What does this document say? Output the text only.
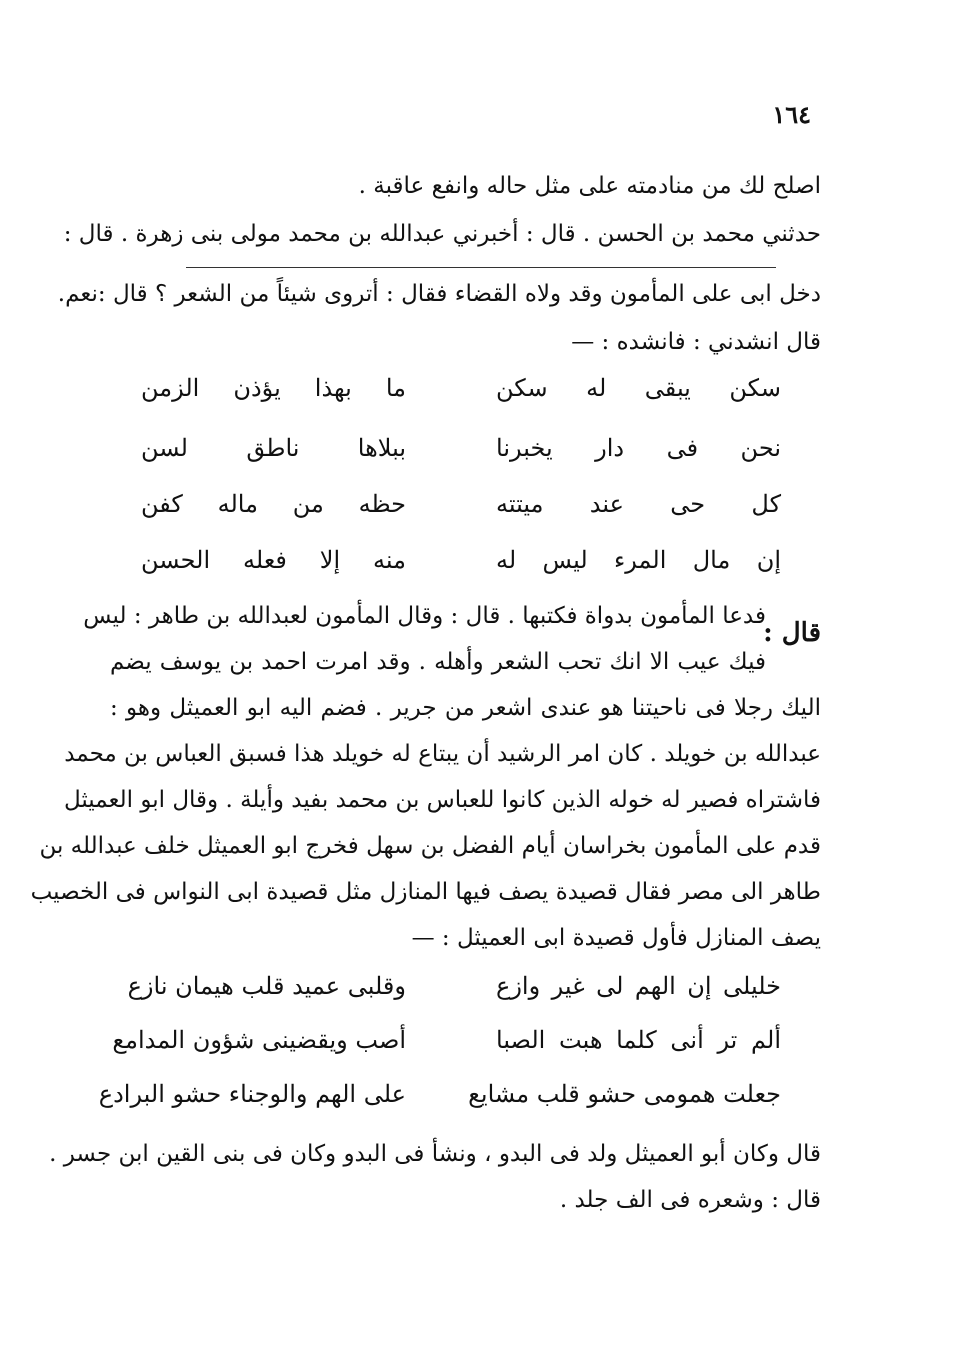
١٦٤
اصلح لك من منادمته على مثل حاله وانفع عاقبة .
حدثني محمد بن الحسن . قال : أخبرني عبدالله بن محمد مولى بنى زهرة . قال :
دخل ابى على المأمون وقد ولاه القضاء فقال : أتروى شيئاً من الشعر ؟ قال :نعم.
قال انشدني : فانشده : —
سكن يبقى له سكن
ما بهذا يؤذن الزمن
نحن فى دار يخبرنا
ببلاها ناطق لسن
كل حى عند ميتته
حظه من ماله كفن
إن مال المرء ليس له
منه إلا فعله الحسن
قال :
فدعا المأمون بدواة فكتبها . قال : وقال المأمون لعبدالله بن طاهر : ليس
فيك عيب الا انك تحب الشعر وأهله . وقد امرت احمد بن يوسف يضم
اليك رجلا فى ناحيتنا هو عندى اشعر من جرير . فضم اليه ابو العميثل وهو :
عبدالله بن خويلد . كان امر الرشيد أن يبتاع له خويلد هذا فسبق العباس بن محمد
فاشتراه فصير له خوله الذين كانوا للعباس بن محمد بفيد وأيلة . وقال ابو العميثل
قدم على المأمون بخراسان أيام الفضل بن سهل فخرج ابو العميثل خلف عبدالله بن
طاهر الى مصر فقال قصيدة يصف فيها المنازل مثل قصيدة ابى النواس فى الخصيب
يصف المنازل فأول قصيدة ابى العميثل : —
خليلى إن الهم لى غير وازع
وقلبى عميد قلب هيمان نازع
ألم تر أنى كلما هبت الصبا
أصب ويقضينى شؤون المدامع
جعلت همومى حشو قلب مشايع
على الهم والوجناء حشو البرادع
قال وكان أبو العميثل ولد فى البدو ، ونشأ فى البدو وكان فى بنى القين ابن جسر .
قال : وشعره فى الف جلد .
